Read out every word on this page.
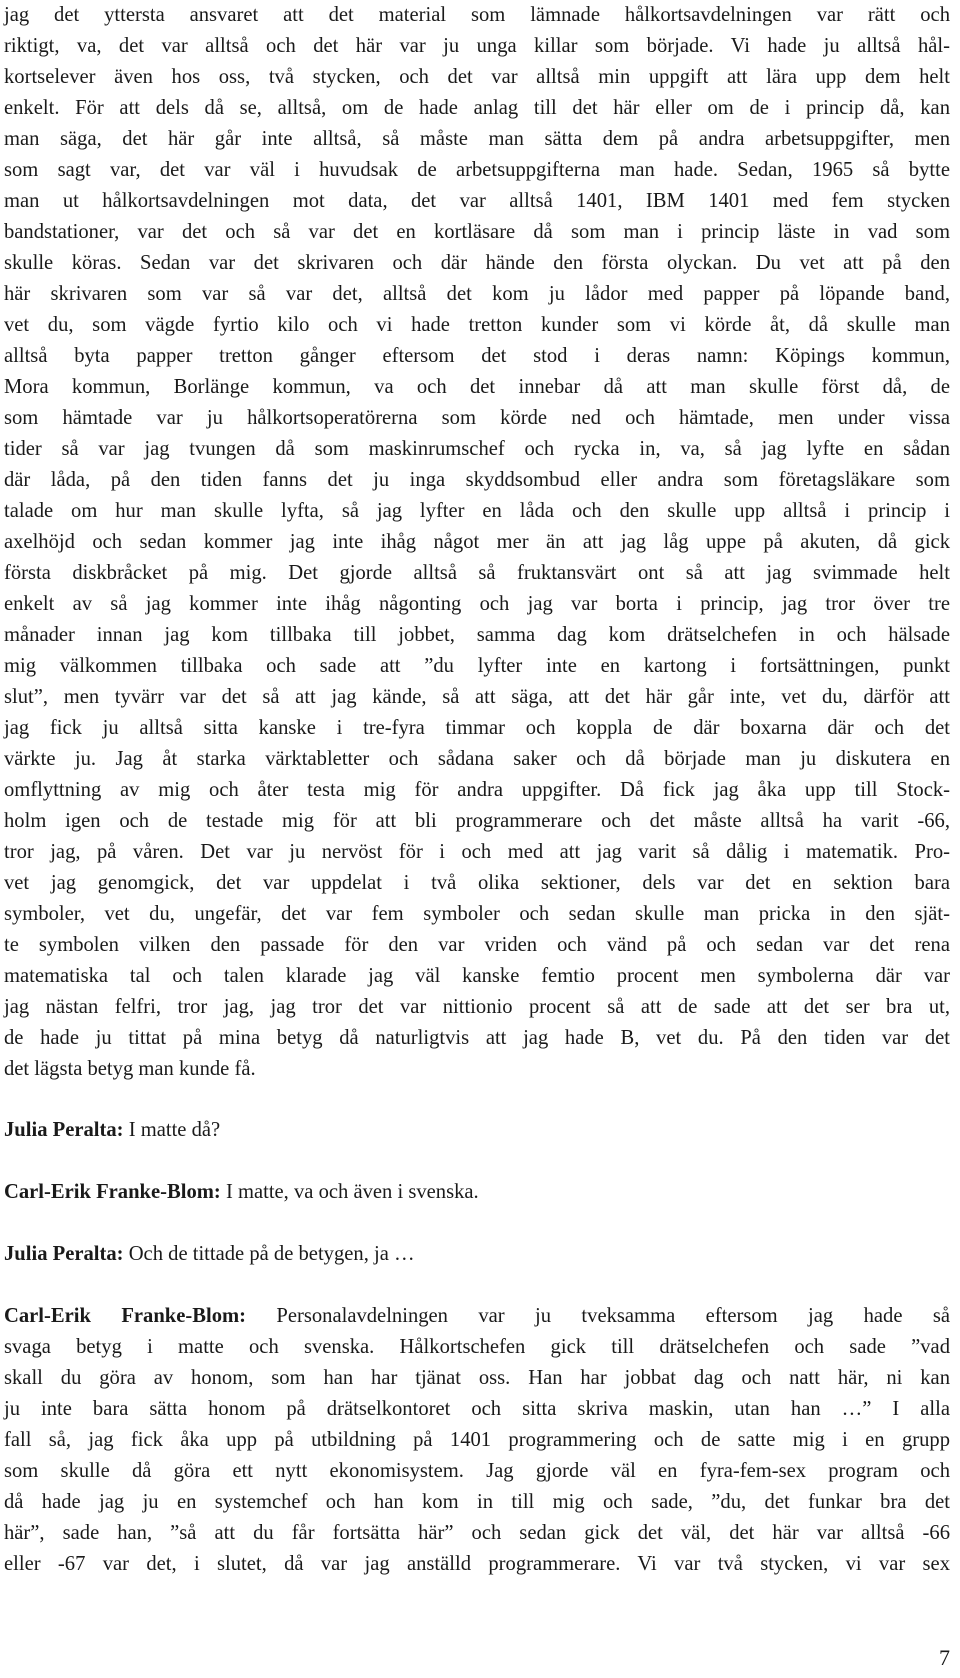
jag det yttersta ansvaret att det material som lämnade hålkortsavdelningen var rätt och

riktigt, va, det var alltså och det här var ju unga killar som började. Vi hade ju alltså hål-

kortselever även hos oss, två stycken, och det var alltså min uppgift att lära upp dem helt

enkelt. För att dels då se, alltså, om de hade anlag till det här eller om de i princip då, kan

man säga, det här går inte alltså, så måste man sätta dem på andra arbetsuppgifter, men

som sagt var, det var väl i huvudsak de arbetsuppgifterna man hade. Sedan, 1965 så bytte

man ut hålkortsavdelningen mot data, det var alltså 1401, IBM 1401 med fem stycken

bandstationer, var det och så var det en kortläsare då som man i princip läste in vad som

skulle köras. Sedan var det skrivaren och där hände den första olyckan. Du vet att på den

här skrivaren som var så var det, alltså det kom ju lådor med papper på löpande band,

vet du, som vägde fyrtio kilo och vi hade tretton kunder som vi körde åt, då skulle man

alltså byta papper tretton gånger eftersom det stod i deras namn: Köpings kommun,

Mora kommun, Borlänge kommun, va och det innebar då att man skulle först då, de

som hämtade var ju hålkortsoperatörerna som körde ned och hämtade, men under vissa

tider så var jag tvungen då som maskinrumschef och rycka in, va, så jag lyfte en sådan

där låda, på den tiden fanns det ju inga skyddsombud eller andra som företagsläkare som

talade om hur man skulle lyfta, så jag lyfter en låda och den skulle upp alltså i princip i

axelhöjd och sedan kommer jag inte ihåg något mer än att jag låg uppe på akuten, då gick

första diskbråcket på mig. Det gjorde alltså så fruktansvärt ont så att jag svimmade helt

enkelt av så jag kommer inte ihåg någonting och jag var borta i princip, jag tror över tre

månader innan jag kom tillbaka till jobbet, samma dag kom drätselchefen in och hälsade

mig välkommen tillbaka och sade att ”du lyfter inte en kartong i fortsättningen, punkt

slut”, men tyvärr var det så att jag kände, så att säga, att det här går inte, vet du, därför att

jag fick ju alltså sitta kanske i tre-fyra timmar och koppla de där boxarna där och det

värkte ju. Jag åt starka värktabletter och sådana saker och då började man ju diskutera en

omflyttning av mig och åter testa mig för andra uppgifter. Då fick jag åka upp till Stock-

holm igen och de testade mig för att bli programmerare och det måste alltså ha varit -66,

tror jag, på våren. Det var ju nervöst för i och med att jag varit så dålig i matematik. Pro-

vet jag genomgick, det var uppdelat i två olika sektioner, dels var det en sektion bara

symboler, vet du, ungefär, det var fem symboler och sedan skulle man pricka in den sjät-

te symbolen vilken den passade för den var vriden och vänd på och sedan var det rena

matematiska tal och talen klarade jag väl kanske femtio procent men symbolerna där var

jag nästan felfri, tror jag, jag tror det var nittionio procent så att de sade att det ser bra ut,

de hade ju tittat på mina betyg då naturligtvis att jag hade B, vet du. På den tiden var det

det lägsta betyg man kunde få.

Julia Peralta: I matte då?

Carl-Erik Franke-Blom: I matte, va och även i svenska.

Julia Peralta: Och de tittade på de betygen, ja …

Carl-Erik Franke-Blom: Personalavdelningen var ju tveksamma eftersom jag hade så

svaga betyg i matte och svenska. Hålkortschefen gick till drätselchefen och sade ”vad

skall du göra av honom, som han har tjänat oss. Han har jobbat dag och natt här, ni kan

ju inte bara sätta honom på drätselkontoret och sitta skriva maskin, utan han …” I alla

fall så, jag fick åka upp på utbildning på 1401 programmering och de satte mig i en grupp

som skulle då göra ett nytt ekonomisystem. Jag gjorde väl en fyra-fem-sex program och

då hade jag ju en systemchef och han kom in till mig och sade, ”du, det funkar bra det

här”, sade han, ”så att du får fortsätta här” och sedan gick det väl, det här var alltså -66

eller -67 var det, i slutet, då var jag anställd programmerare. Vi var två stycken, vi var sex

7
